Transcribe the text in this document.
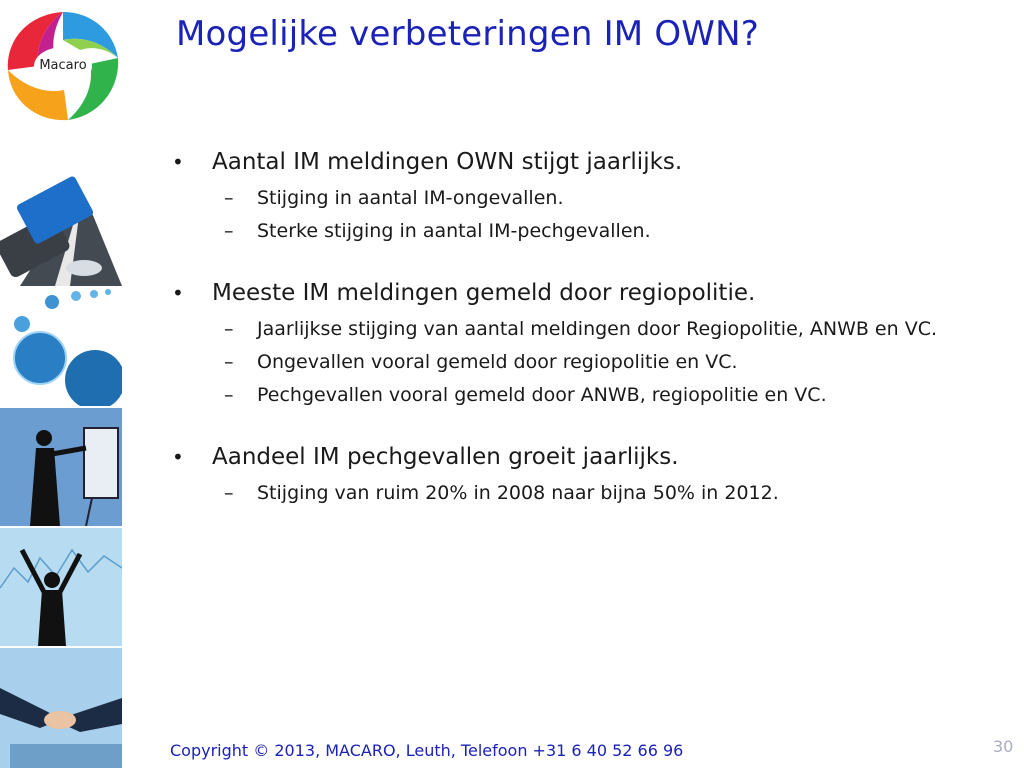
Macaro
Mogelijke verbeteringen IM OWN?
• Aantal IM meldingen OWN stijgt jaarlijks.
– Stijging in aantal IM-ongevallen.
– Sterke stijging in aantal IM-pechgevallen.
• Meeste IM meldingen gemeld door regiopolitie.
– Jaarlijkse stijging van aantal meldingen door Regiopolitie, ANWB en VC.
– Ongevallen vooral gemeld door regiopolitie en VC.
– Pechgevallen vooral gemeld door ANWB, regiopolitie en VC.
• Aandeel IM pechgevallen groeit jaarlijks.
– Stijging van ruim 20% in 2008 naar bijna 50% in 2012.
Copyright © 2013, MACARO, Leuth, Telefoon +31 6 40 52 66 96	30
